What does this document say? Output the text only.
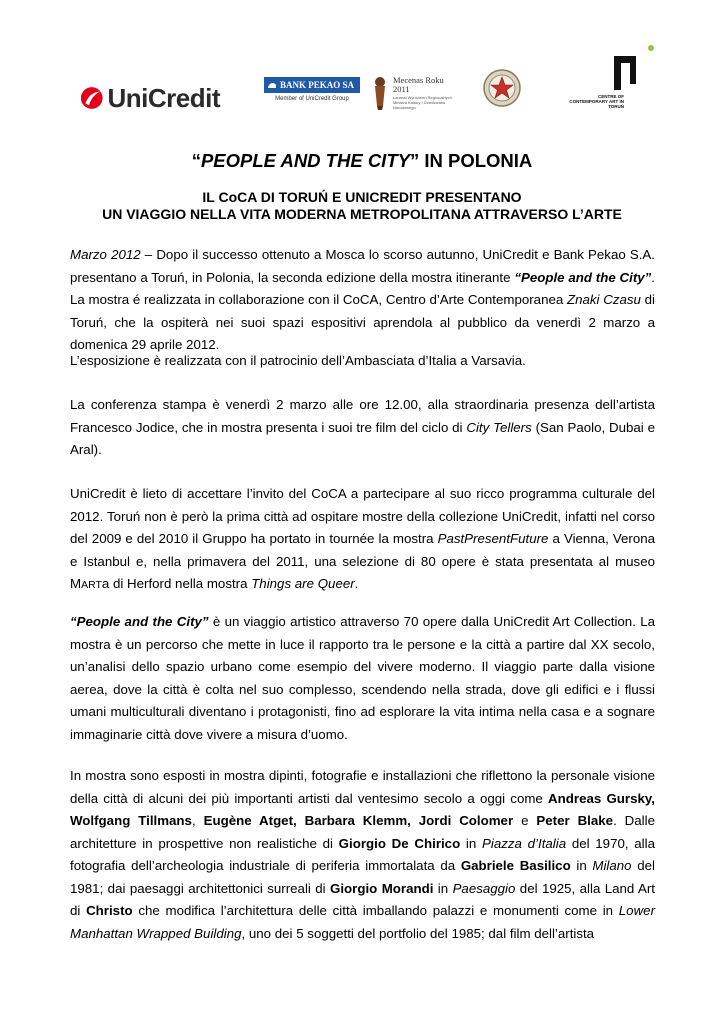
UniCredit	BANK PEKAO SA
Member of UniCredit Group
Mecenas Roku 2011
Laureat Wyróżnień Regionalnych Ministra Kultury i Dziedzictwa Narodowego
CENTRE OF CONTEMPORARY ART IN TORUŃ
“PEOPLE AND THE CITY” IN POLONIA

IL CoCA DI TORUŃ E UNICREDIT PRESENTANO

UN VIAGGIO NELLA VITA MODERNA METROPOLITANA ATTRAVERSO L’ARTE

Marzo 2012 – Dopo il successo ottenuto a Mosca lo scorso autunno, UniCredit e Bank Pekao S.A. presentano a Toruń, in Polonia, la seconda edizione della mostra itinerante “People and the City”. La mostra é realizzata in collaborazione con il CoCA, Centro d’Arte Contemporanea Znaki Czasu di Toruń, che la ospiterà nei suoi spazi espositivi aprendola al pubblico da venerdì 2 marzo a domenica 29 aprile 2012.

L’esposizione è realizzata con il patrocinio dell’Ambasciata d’Italia a Varsavia.

La conferenza stampa è venerdì 2 marzo alle ore 12.00, alla straordinaria presenza dell’artista Francesco Jodice, che in mostra presenta i suoi tre film del ciclo di City Tellers (San Paolo, Dubai e Aral).

UniCredit è lieto di accettare l’invito del CoCA a partecipare al suo ricco programma culturale del 2012. Toruń non è però la prima città ad ospitare mostre della collezione UniCredit, infatti nel corso del 2009 e del 2010 il Gruppo ha portato in tournée la mostra PastPresentFuture a Vienna, Verona e Istanbul e, nella primavera del 2011, una selezione di 80 opere è stata presentata al museo MARTa di Herford nella mostra Things are Queer.

“People and the City” è un viaggio artistico attraverso 70 opere dalla UniCredit Art Collection. La mostra è un percorso che mette in luce il rapporto tra le persone e la città a partire dal XX secolo, un’analisi dello spazio urbano come esempio del vivere moderno. Il viaggio parte dalla visione aerea, dove la città è colta nel suo complesso, scendendo nella strada, dove gli edifici e i flussi umani multiculturali diventano i protagonisti, fino ad esplorare la vita intima nella casa e a sognare immaginarie città dove vivere a misura d’uomo.

In mostra sono esposti in mostra dipinti, fotografie e installazioni che riflettono la personale visione della città di alcuni dei più importanti artisti dal ventesimo secolo a oggi come Andreas Gursky, Wolfgang Tillmans, Eugène Atget, Barbara Klemm, Jordi Colomer e Peter Blake. Dalle architetture in prospettive non realistiche di Giorgio De Chirico in Piazza d’Italia del 1970, alla fotografia dell’archeologia industriale di periferia immortalata da Gabriele Basilico in Milano del 1981; dai paesaggi architettonici surreali di Giorgio Morandi in Paesaggio del 1925, alla Land Art di Christo che modifica l’architettura delle città imballando palazzi e monumenti come in Lower Manhattan Wrapped Building, uno dei 5 soggetti del portfolio del 1985; dal film dell’artista
